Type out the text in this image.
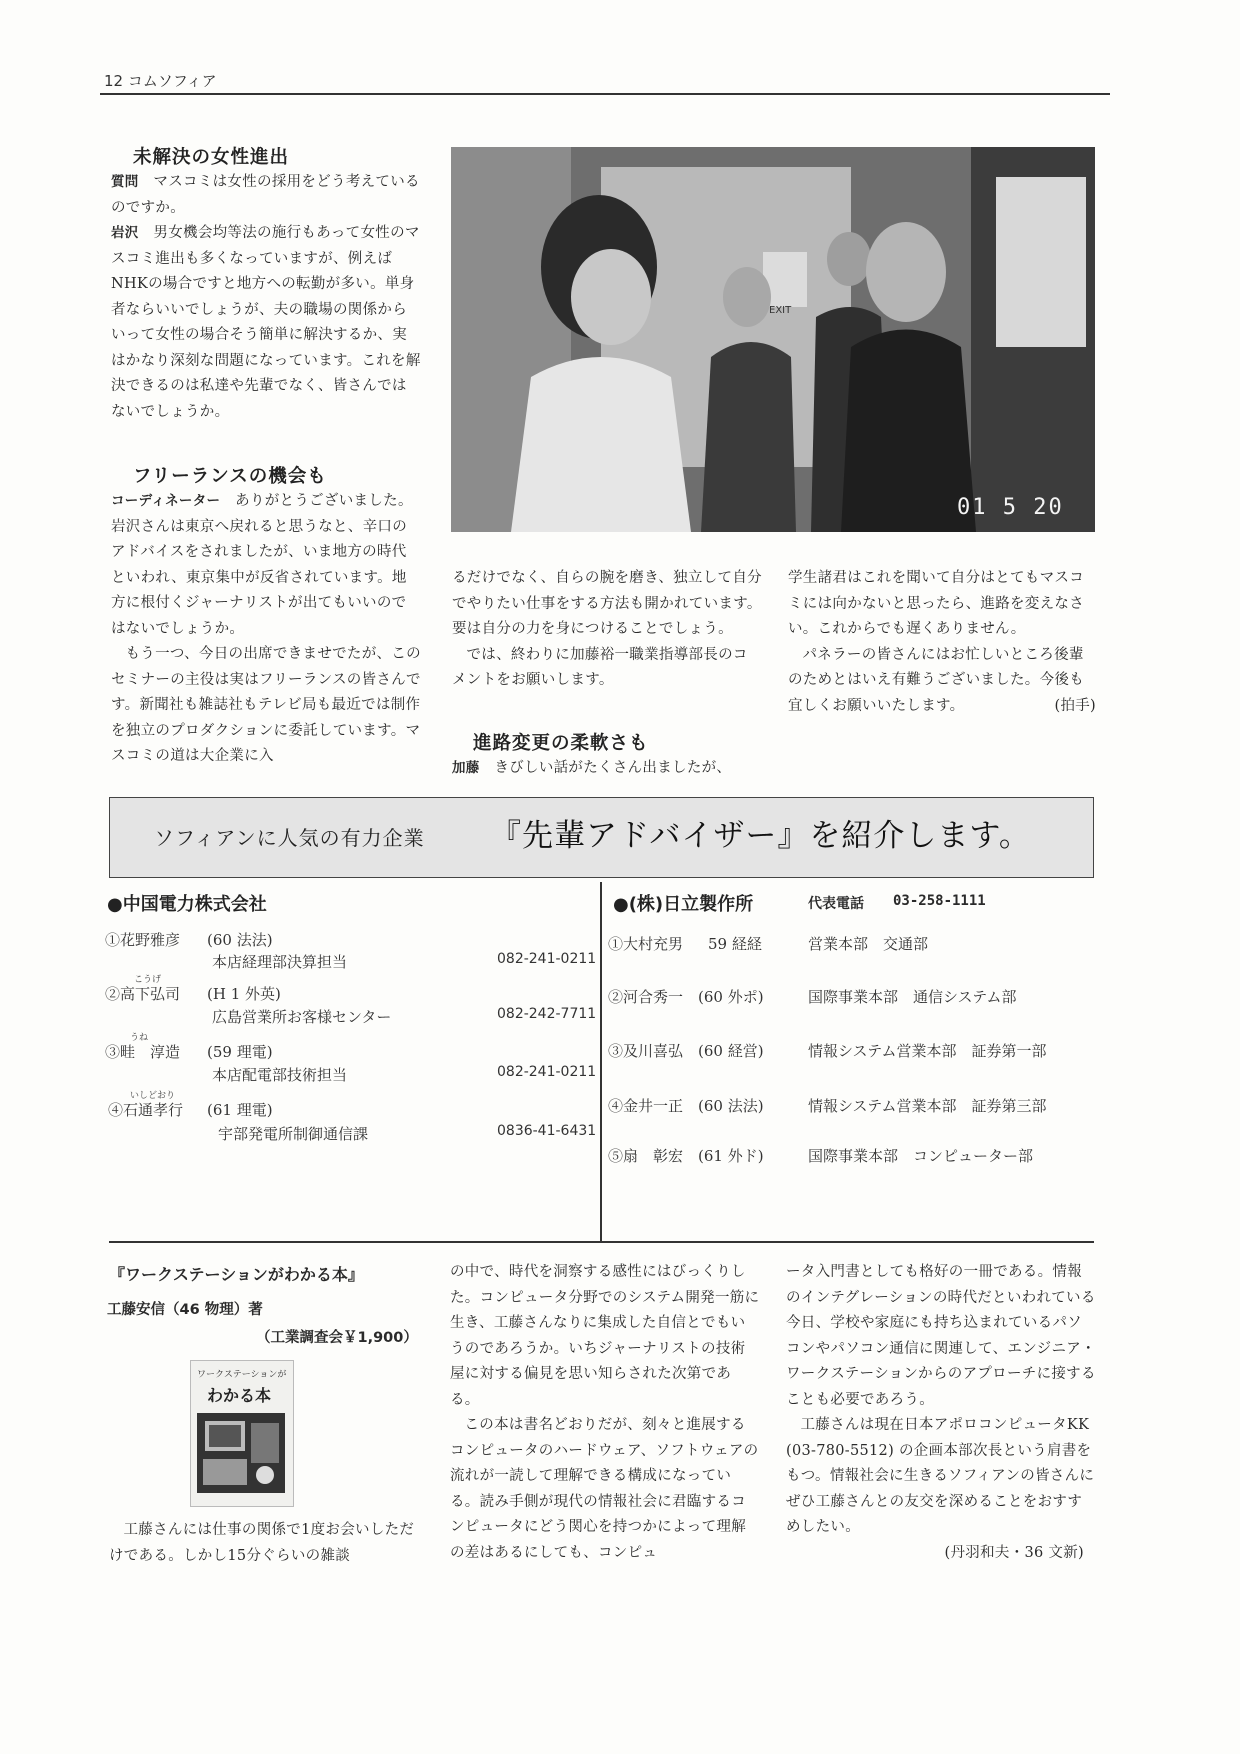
12 コムソフィア
未解決の女性進出

質問　 マスコミは女性の採用をどう考えているのですか。

岩沢　 男女機会均等法の施行もあって女性のマスコミ進出も多くなっていますが、例えばNHKの場合ですと地方への転勤が多い。単身者ならいいでしょうが、夫の職場の関係からいって女性の場合そう簡単に解決するか、実はかなり深刻な問題になっています。これを解決できるのは私達や先輩でなく、皆さんではないでしょうか。

フリーランスの機会も

コーディネーター　 ありがとうございました。岩沢さんは東京へ戻れると思うなと、辛口のアドバイスをされましたが、いま地方の時代といわれ、東京集中が反省されています。地方に根付くジャーナリストが出てもいいのではないでしょうか。

もう一つ、今日の出席できませでたが、このセミナーの主役は実はフリーランスの皆さんです。新聞社も雑誌社もテレビ局も最近では制作を独立のプロダクションに委託しています。マスコミの道は大企業に入

EXIT
01 5 20

るだけでなく、自らの腕を磨き、独立して自分でやりたい仕事をする方法も開かれています。要は自分の力を身につけることでしょう。

では、終わりに加藤裕一職業指導部長のコメントをお願いします。

進路変更の柔軟さも

加藤　 きびしい話がたくさん出ましたが、

学生諸君はこれを聞いて自分はとてもマスコミには向かないと思ったら、進路を変えなさい。これからでも遅くありません。

パネラーの皆さんにはお忙しいところ後輩のためとはいえ有難うございました。今後も宜しくお願いいたします。	(拍手)

ソフィアンに人気の有力企業 『先輩アドバイザー』を紹介します。
●中国電力株式会社
①花野雅彦 (60 法法)
本店経理部決算担当	082-241-0211
こうげ
②高下弘司 (H 1 外英)
広島営業所お客様センター	082-242-7711
うね
③畦　淳造 (59 理電)
本店配電部技術担当	082-241-0211
いしどおり
④石通孝行 (61 理電)
宇部発電所制御通信課	0836-41-6431
●(株)日立製作所	代表電話 03-258-1111
①大村充男 59 経経	営業本部　交通部
②河合秀一 (60 外ポ)	国際事業本部　通信システム部
③及川喜弘 (60 経営)	情報システム営業本部　証券第一部
④金井一正 (60 法法)	情報システム営業本部　証券第三部
⑤扇　彰宏 (61 外ド)	国際事業本部　コンピューター部
『ワークステーションがわかる本』
工藤安信（46 物理）著
（工業調査会￥1,900）
ワークステーションが
わかる本

工藤さんには仕事の関係で1度お会いしただけである。しかし15分ぐらいの雑談

の中で、時代を洞察する感性にはびっくりした。コンピュータ分野でのシステム開発一筋に生き、工藤さんなりに集成した自信とでもいうのであろうか。いちジャーナリストの技術屋に対する偏見を思い知らされた次第である。

この本は書名どおりだが、刻々と進展するコンピュータのハードウェア、ソフトウェアの流れが一読して理解できる構成になっている。読み手側が現代の情報社会に君臨するコンピュータにどう関心を持つかによって理解の差はあるにしても、コンピュ

ータ入門書としても格好の一冊である。情報のインテグレーションの時代だといわれている今日、学校や家庭にも持ち込まれているパソコンやパソコン通信に関連して、エンジニア・ワークステーションからのアプローチに接することも必要であろう。

工藤さんは現在日本アポロコンピュータKK (03-780-5512) の企画本部次長という肩書をもつ。情報社会に生きるソフィアンの皆さんにぜひ工藤さんとの友交を深めることをおすすめしたい。

(丹羽和夫・36 文新)
